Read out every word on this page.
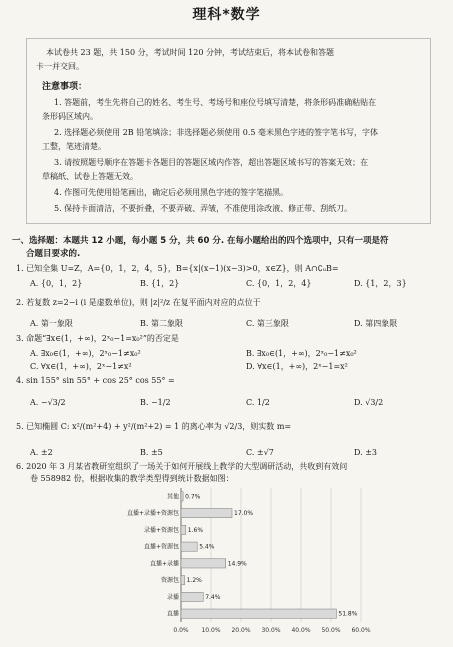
理科*数学
本试卷共 23 题，共 150 分，考试时间 120 分钟，考试结束后，将本试卷和答题
卡一并交回。
注意事项：
1. 答题前，考生先将自己的姓名、考生号、考场号和座位号填写清楚，将条形码准确粘贴在
条形码区域内。
2. 选择题必须使用 2B 铅笔填涂；非选择题必须使用 0.5 毫米黑色字迹的签字笔书写，字体
工整，笔迹清楚。
3. 请按照题号顺序在答题卡各题目的答题区域内作答，超出答题区域书写的答案无效；在
草稿纸、试卷上答题无效。
4. 作图可先使用铅笔画出，确定后必须用黑色字迹的签字笔描黑。
5. 保持卡面清洁，不要折叠，不要弄破、弄皱，不准使用涂改液、修正带、刮纸刀。
一、选择题：本题共 12 小题，每小题 5 分，共 60 分. 在每小题给出的四个选项中，只有一项是符
合题目要求的.
1. 已知全集 U=Z，A={0，1，2，4，5}，B={x|(x−1)(x−3)>0，x∈Z}，则 A∩∁ᵤB=
A. {0，1，2}	B. {1，2}	C. {0，1，2，4}	D. {1，2，3}
2. 若复数 z=2−i (i 是虚数单位)，则 |z|²/z 在复平面内对应的点位于
A. 第一象限	B. 第二象限	C. 第三象限	D. 第四象限
3. 命题“∃x∈(1，+∞)，2ˣ₀−1=x₀²”的否定是
A. ∃x₀∈(1，+∞)，2ˣ₀−1≠x₀²	B. ∃x₀∈(1，+∞)，2ˣ₀−1≠x₀²
C. ∀x∈(1，+∞)，2ˣ−1≠x²	D. ∀x∈(1，+∞)，2ˣ−1=x²
4. sin 155° sin 55° + cos 25° cos 55° =
A. −√3/2	B. −1/2	C. 1/2	D. √3/2
5. 已知椭圆 C: x²/(m²+4) + y²/(m²+2) = 1 的离心率为 √2/3，则实数 m=
A. ±2	B. ±5	C. ±√7	D. ±3
6. 2020 年 3 月某省教研室组织了一场关于如何开展线上教学的大型调研活动，共收到有效问
卷 558982 份，根据收集的教学类型得到统计数据如图：
0.0% 10.0% 20.0% 30.0% 40.0% 50.0% 60.0%
其他 0.7%
直播+录播+资源包	17.0%
录播+资源包 1.6%
直播+资源包	5.4%
直播+录播	14.9%
资源包 1.2%
录播	7.4%
直播	51.8%
